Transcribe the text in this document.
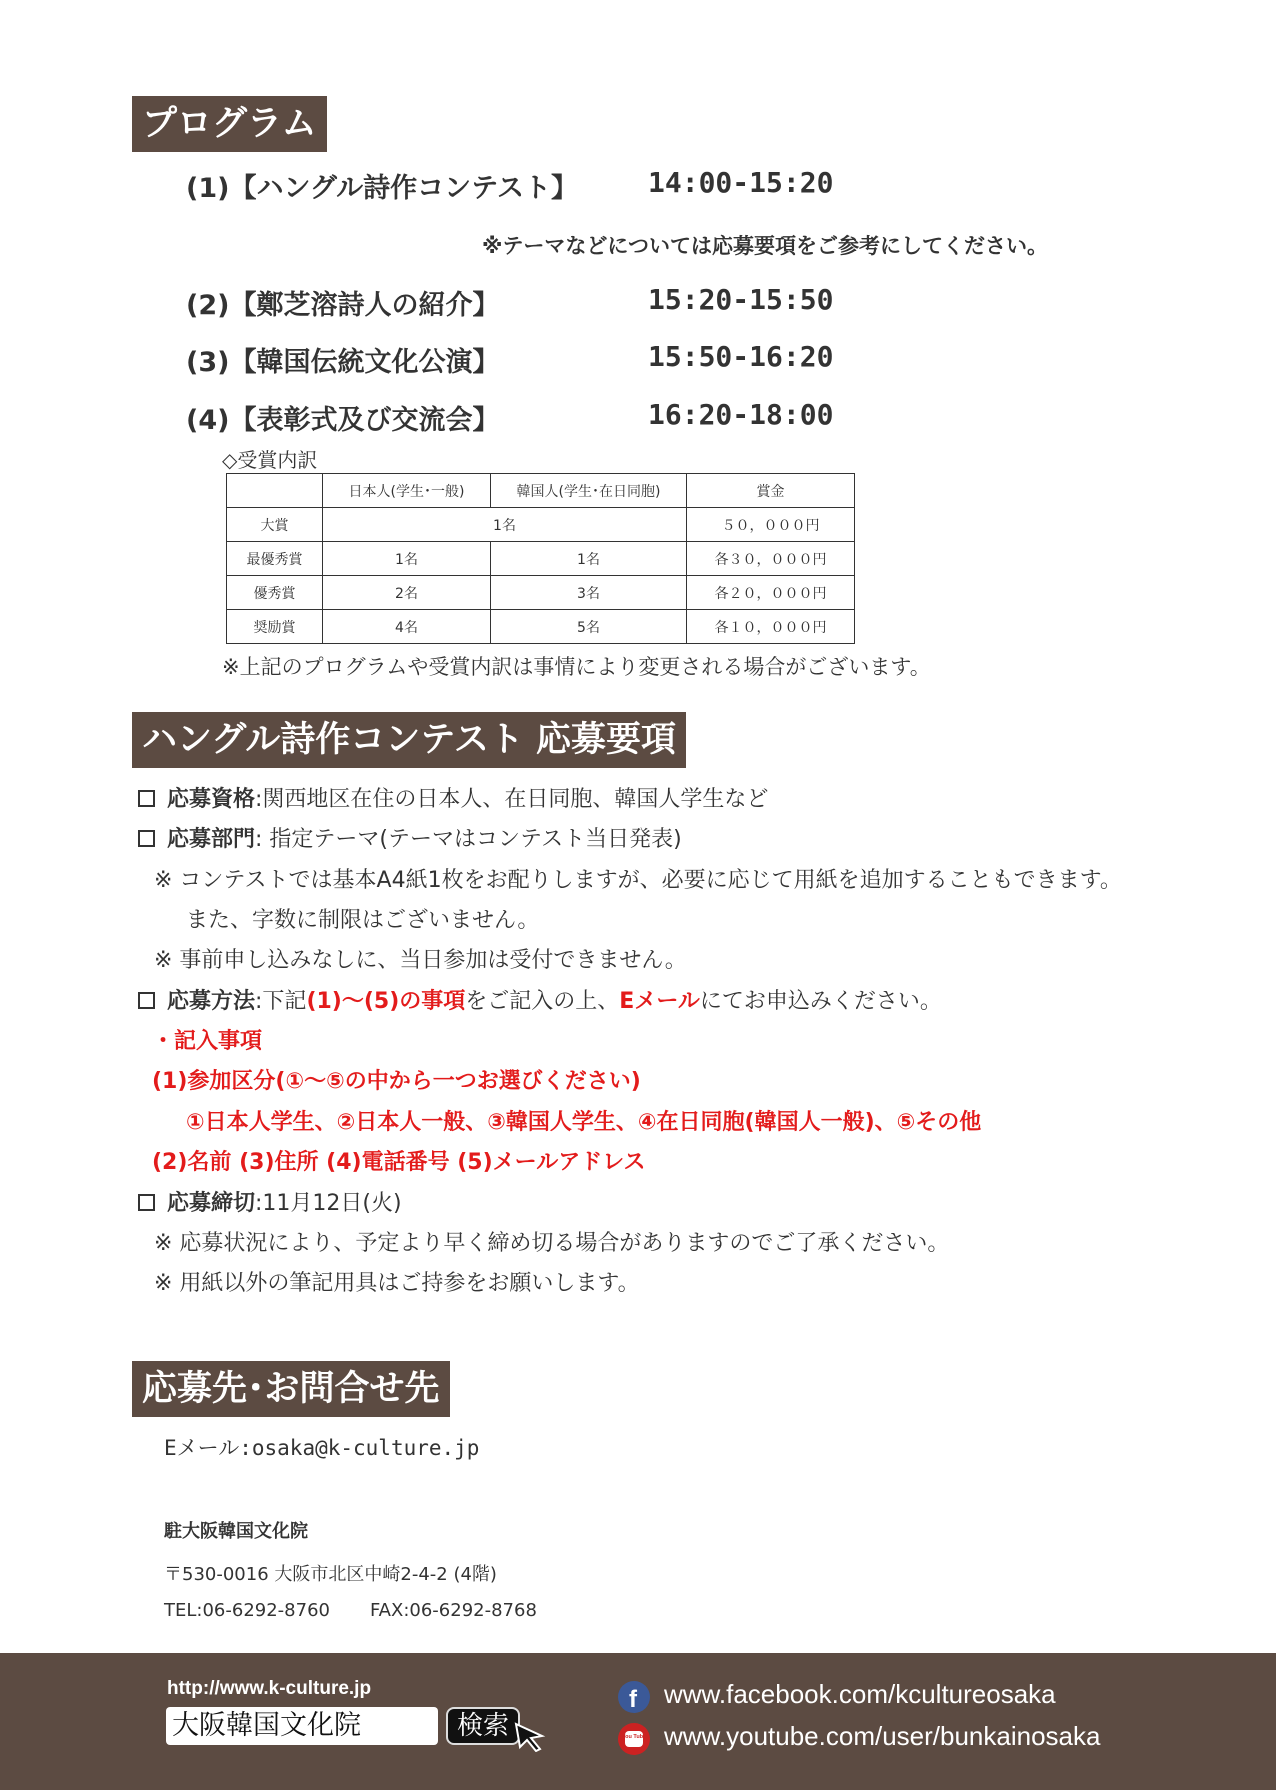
プログラム
(1)【ハングル詩作コンテスト】 14:00-15:20
※テーマなどについては応募要項をご参考にしてください。
(2)【鄭芝溶詩人の紹介】	15:20-15:50
(3)【韓国伝統文化公演】	15:50-16:20
(4)【表彰式及び交流会】	16:20-18:00
◇受賞内訳
	日本人(学生･一般)	韓国人(学生･在日同胞)	賞金
大賞	1名		５０，０００円
最優秀賞	1名	1名	各３０，０００円
優秀賞	2名	3名	各２０，０００円
奨励賞	4名	5名	各１０，０００円
※上記のプログラムや受賞内訳は事情により変更される場合がございます。
ハングル詩作コンテスト 応募要項
応募資格:関西地区在住の日本人、在日同胞、韓国人学生など
応募部門: 指定テーマ(テーマはコンテスト当日発表)
※ コンテストでは基本A4紙1枚をお配りしますが、必要に応じて用紙を追加することもできます。
また、字数に制限はございません。
※ 事前申し込みなしに、当日参加は受付できません。
応募方法:下記(1)～(5)の事項をご記入の上、Eメールにてお申込みください。
・記入事項
(1)参加区分(①～⑤の中から一つお選びください)
①日本人学生、②日本人一般、③韓国人学生、④在日同胞(韓国人一般)、⑤その他
(2)名前 (3)住所 (4)電話番号 (5)メールアドレス
応募締切:11月12日(火)
※ 応募状況により、予定より早く締め切る場合がありますのでご了承ください。
※ 用紙以外の筆記用具はご持参をお願いします。
応募先･お問合せ先
Eメール:osaka@k-culture.jp
駐大阪韓国文化院
〒530-0016 大阪市北区中崎2-4-2 (4階)
TEL:06-6292-8760 FAX:06-6292-8768
http://www.k-culture.jp
大阪韓国文化院	検索
f www.facebook.com/kcultureosaka
You Tube www.youtube.com/user/bunkainosaka
